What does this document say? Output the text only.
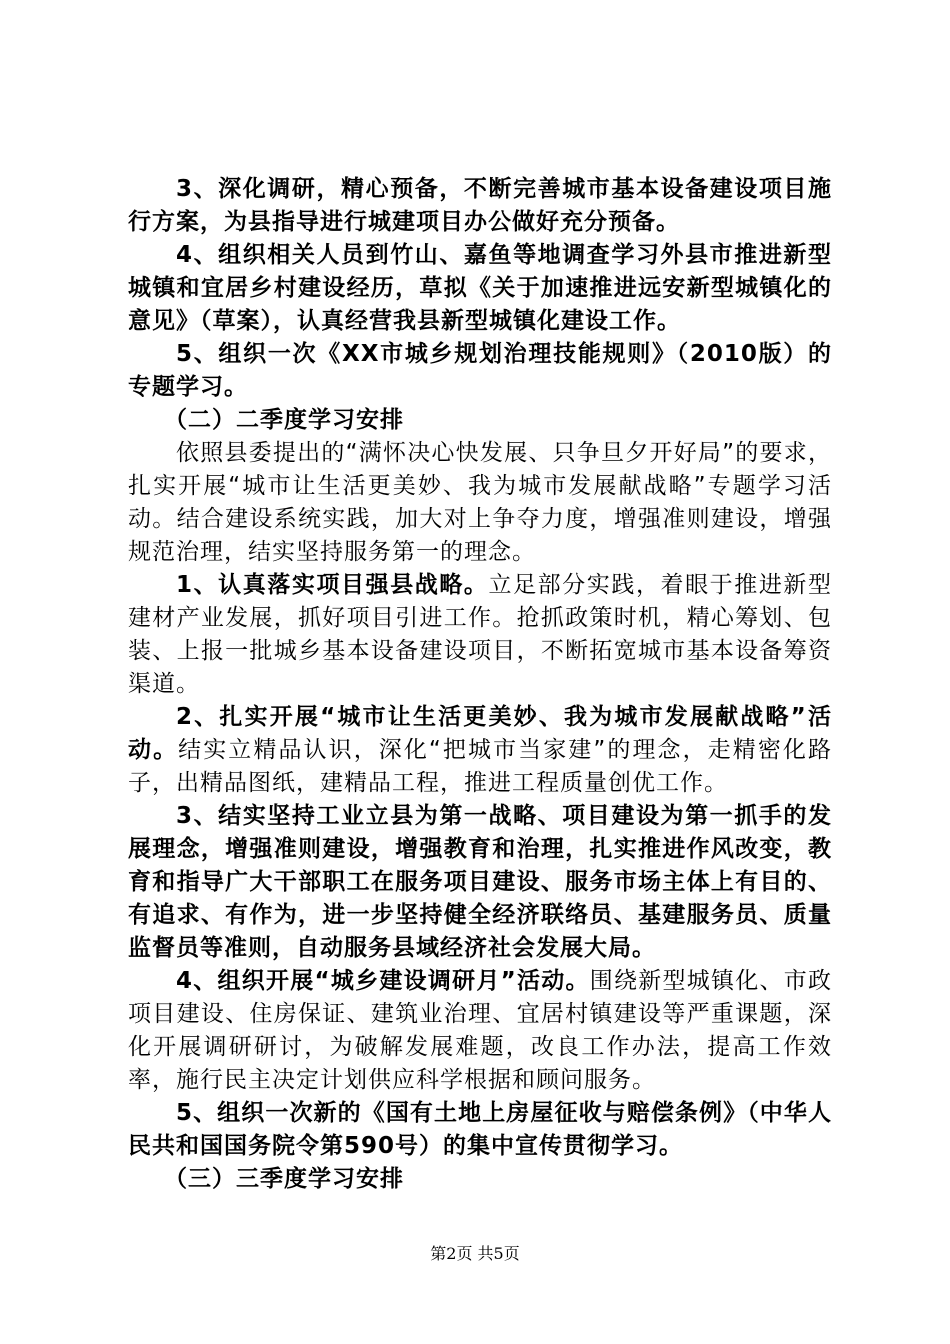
3、深化调研，精心预备，不断完善城市基本设备建设项目施行方案，为县指导进行城建项目办公做好充分预备。

4、组织相关人员到竹山、嘉鱼等地调查学习外县市推进新型城镇和宜居乡村建设经历，草拟《关于加速推进远安新型城镇化的意见》（草案），认真经营我县新型城镇化建设工作。

5、组织一次《XX市城乡规划治理技能规则》（2010版）的专题学习。

（二）二季度学习安排

依照县委提出的“满怀决心快发展、只争旦夕开好局”的要求，扎实开展“城市让生活更美妙、我为城市发展献战略”专题学习活动。结合建设系统实践，加大对上争夺力度，增强准则建设，增强规范治理，结实坚持服务第一的理念。

1、认真落实项目强县战略。立足部分实践，着眼于推进新型建材产业发展，抓好项目引进工作。抢抓政策时机，精心筹划、包装、上报一批城乡基本设备建设项目，不断拓宽城市基本设备筹资渠道。

2、扎实开展“城市让生活更美妙、我为城市发展献战略”活动。结实立精品认识，深化“把城市当家建”的理念，走精密化路子，出精品图纸，建精品工程，推进工程质量创优工作。

3、结实坚持工业立县为第一战略、项目建设为第一抓手的发展理念，增强准则建设，增强教育和治理，扎实推进作风改变，教育和指导广大干部职工在服务项目建设、服务市场主体上有目的、有追求、有作为，进一步坚持健全经济联络员、基建服务员、质量监督员等准则，自动服务县域经济社会发展大局。

4、组织开展“城乡建设调研月”活动。围绕新型城镇化、市政项目建设、住房保证、建筑业治理、宜居村镇建设等严重课题，深化开展调研研讨，为破解发展难题，改良工作办法，提高工作效率，施行民主决定计划供应科学根据和顾问服务。

5、组织一次新的《国有土地上房屋征收与赔偿条例》（中华人民共和国国务院令第590号）的集中宣传贯彻学习。

（三）三季度学习安排

第2页 共5页
